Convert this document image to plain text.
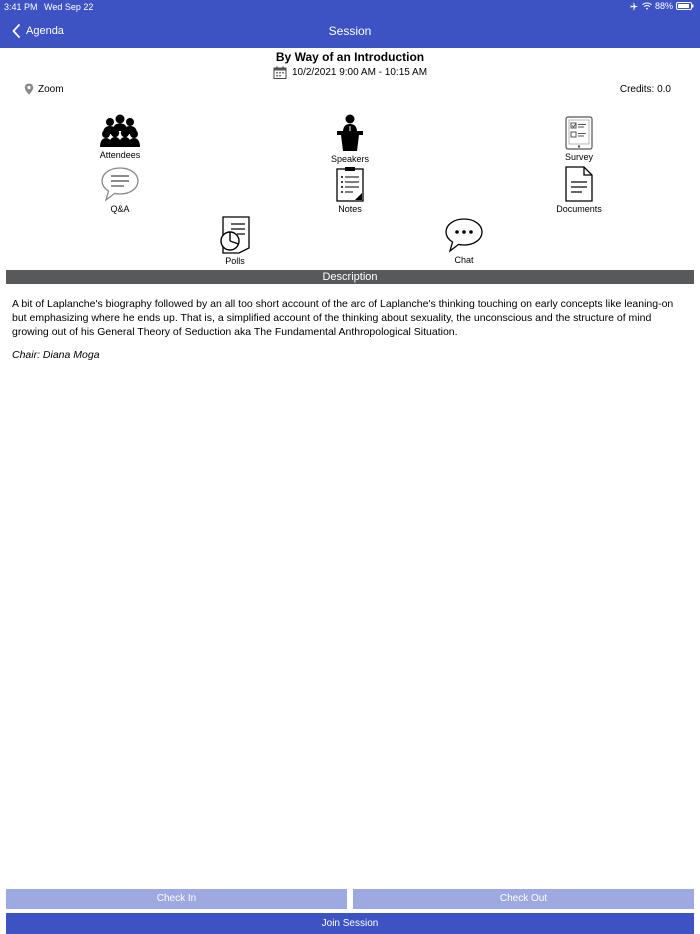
3:41 PM Wed Sep 22	88%
Agenda	Session
By Way of an Introduction
10/2/2021 9:00 AM - 10:15 AM
Zoom	Credits: 0.0
Attendees	Speakers	Survey
Q&A	Notes	Documents
Polls	Chat
Description
A bit of Laplanche's biography followed by an all too short account of the arc of Laplanche's thinking touching on early concepts like leaning-on but emphasizing where he ends up. That is, a simplified account of the thinking about sexuality, the unconscious and the structure of mind growing out of his General Theory of Seduction aka The Fundamental Anthropological Situation.
Chair: Diana Moga
Check In	Check Out
Join Session
